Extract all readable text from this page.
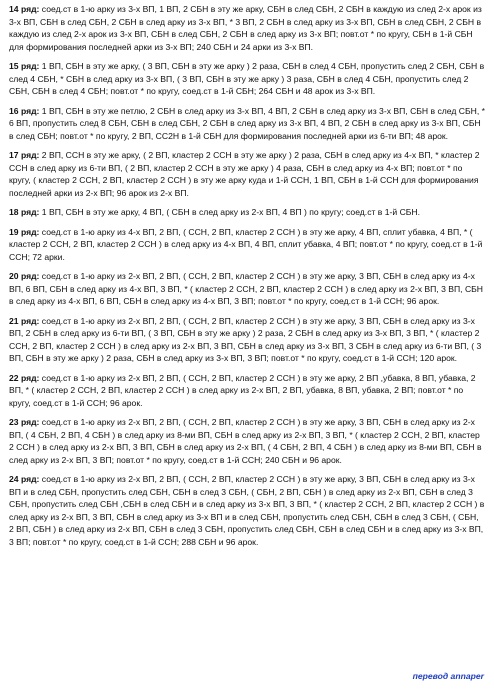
14 ряд: соед.ст в 1-ю арку из 3-х ВП, 1 ВП, 2 СБН в эту же арку, СБН в след СБН, 2 СБН в каждую из след 2-х арок из 3-х ВП, СБН в след СБН, 2 СБН в след арку из 3-х ВП, * 3 ВП, 2 СБН в след арку из 3-х ВП, СБН в след СБН, 2 СБН в каждую из след 2-х арок из 3-х ВП, СБН в след СБН, 2 СБН в след арку из 3-х ВП; повт.от * по кругу, СБН в 1-й СБН для формирования последней арки из 3-х ВП; 240 СБН и 24 арки из 3-х ВП.

15 ряд: 1 ВП, СБН в эту же арку, ( 3 ВП, СБН в эту же арку ) 2 раза, СБН в след 4 СБН, пропустить след 2 СБН, СБН в след 4 СБН, * СБН в след арку из 3-х ВП, ( 3 ВП, СБН в эту же арку ) 3 раза, СБН в след 4 СБН, пропустить след 2 СБН, СБН в след 4 СБН; повт.от * по кругу, соед.ст в 1-й СБН; 264 СБН и 48 арок из 3-х ВП.

16 ряд: 1 ВП, СБН в эту же петлю, 2 СБН в след арку из 3-х ВП, 4 ВП, 2 СБН в след арку из 3-х ВП, СБН в след СБН, * 6 ВП, пропустить след 8 СБН, СБН в след СБН, 2 СБН в след арку из 3-х ВП, 4 ВП, 2 СБН в след арку из 3-х ВП, СБН в след СБН; повт.от * по кругу, 2 ВП, СС2Н в 1-й СБН для формирования последней арки из 6-ти ВП; 48 арок.

17 ряд: 2 ВП, ССН в эту же арку, ( 2 ВП, кластер 2 ССН в эту же арку ) 2 раза, СБН в след арку из 4-х ВП, * кластер 2 ССН в след арку из 6-ти ВП, ( 2 ВП, кластер 2 ССН в эту же арку ) 4 раза, СБН в след арку из 4-х ВП; повт.от * по кругу, ( кластер 2 ССН, 2 ВП, кластер 2 ССН ) в эту же арку куда и 1-й ССН, 1 ВП, СБН в 1-й ССН для формирования последней арки из 2-х ВП; 96 арок из 2-х ВП.

18 ряд: 1 ВП, СБН в эту же арку, 4 ВП, ( СБН в след арку из 2-х ВП, 4 ВП ) по кругу; соед.ст в 1-й СБН.

19 ряд: соед.ст в 1-ю арку из 4-х ВП, 2 ВП, ( ССН, 2 ВП, кластер 2 ССН ) в эту же арку, 4 ВП, сплит убавка, 4 ВП, * ( кластер 2 ССН, 2 ВП, кластер 2 ССН ) в след арку из 4-х ВП, 4 ВП, сплит убавка, 4 ВП; повт.от * по кругу, соед.ст в 1-й ССН; 72 арки.

20 ряд: соед.ст в 1-ю арку из 2-х ВП, 2 ВП, ( ССН, 2 ВП, кластер 2 ССН ) в эту же арку, 3 ВП, СБН в след арку из 4-х ВП, 6 ВП, СБН в след арку из 4-х ВП, 3 ВП, * ( кластер 2 ССН, 2 ВП, кластер 2 ССН ) в след арку из 2-х ВП, 3 ВП, СБН в след арку из 4-х ВП, 6 ВП, СБН в след арку из 4-х ВП, 3 ВП; повт.от * по кругу, соед.ст в 1-й ССН; 96 арок.

21 ряд: соед.ст в 1-ю арку из 2-х ВП, 2 ВП, ( ССН, 2 ВП, кластер 2 ССН ) в эту же арку, 3 ВП, СБН в след арку из 3-х ВП, 2 СБН в след арку из 6-ти ВП, ( 3 ВП, СБН в эту же арку ) 2 раза, 2 СБН в след арку из 3-х ВП, 3 ВП, * ( кластер 2 ССН, 2 ВП, кластер 2 ССН ) в след арку из 2-х ВП, 3 ВП, СБН в след арку из 3-х ВП, 3 СБН в след арку из 6-ти ВП, ( 3 ВП, СБН в эту же арку ) 2 раза, СБН в след арку из 3-х ВП, 3 ВП; повт.от * по кругу, соед.ст в 1-й ССН; 120 арок.

22 ряд: соед.ст в 1-ю арку из 2-х ВП, 2 ВП, ( ССН, 2 ВП, кластер 2 ССН ) в эту же арку, 2 ВП ,убавка, 8 ВП, убавка, 2 ВП, * ( кластер 2 ССН, 2 ВП, кластер 2 ССН ) в след арку из 2-х ВП, 2 ВП, убавка, 8 ВП, убавка, 2 ВП; повт.от * по кругу, соед.ст в 1-й ССН; 96 арок.

23 ряд: соед.ст в 1-ю арку из 2-х ВП, 2 ВП, ( ССН, 2 ВП, кластер 2 ССН ) в эту же арку, 3 ВП, СБН в след арку из 2-х ВП, ( 4 СБН, 2 ВП, 4 СБН ) в след арку из 8-ми ВП, СБН в след арку из 2-х ВП, 3 ВП, * ( кластер 2 ССН, 2 ВП, кластер 2 ССН ) в след арку из 2-х ВП, 3 ВП, СБН в след арку из 2-х ВП, ( 4 СБН, 2 ВП, 4 СБН ) в след арку из 8-ми ВП, СБН в след арку из 2-х ВП, 3 ВП; повт.от * по кругу, соед.ст в 1-й ССН; 240 СБН и 96 арок.

24 ряд: соед.ст в 1-ю арку из 2-х ВП, 2 ВП, ( ССН, 2 ВП, кластер 2 ССН ) в эту же арку, 3 ВП, СБН в след арку из 3-х ВП и в след СБН, пропустить след СБН, СБН в след 3 СБН, ( СБН, 2 ВП, СБН ) в след арку из 2-х ВП, СБН в след 3 СБН, пропустить след СБН ,СБН в след СБН и в след арку из 3-х ВП, 3 ВП, * ( кластер 2 ССН, 2 ВП, кластер 2 ССН ) в след арку из 2-х ВП, 3 ВП, СБН в след арку из 3-х ВП и в след СБН, пропустить след СБН, СБН в след 3 СБН, ( СБН, 2 ВП, СБН ) в след арку из 2-х ВП, СБН в след 3 СБН, пропустить след СБН, СБН в след СБН и в след арку из 3-х ВП, 3 ВП; повт.от * по кругу, соед.ст в 1-й ССН; 288 СБН и 96 арок.

перевод annaper
